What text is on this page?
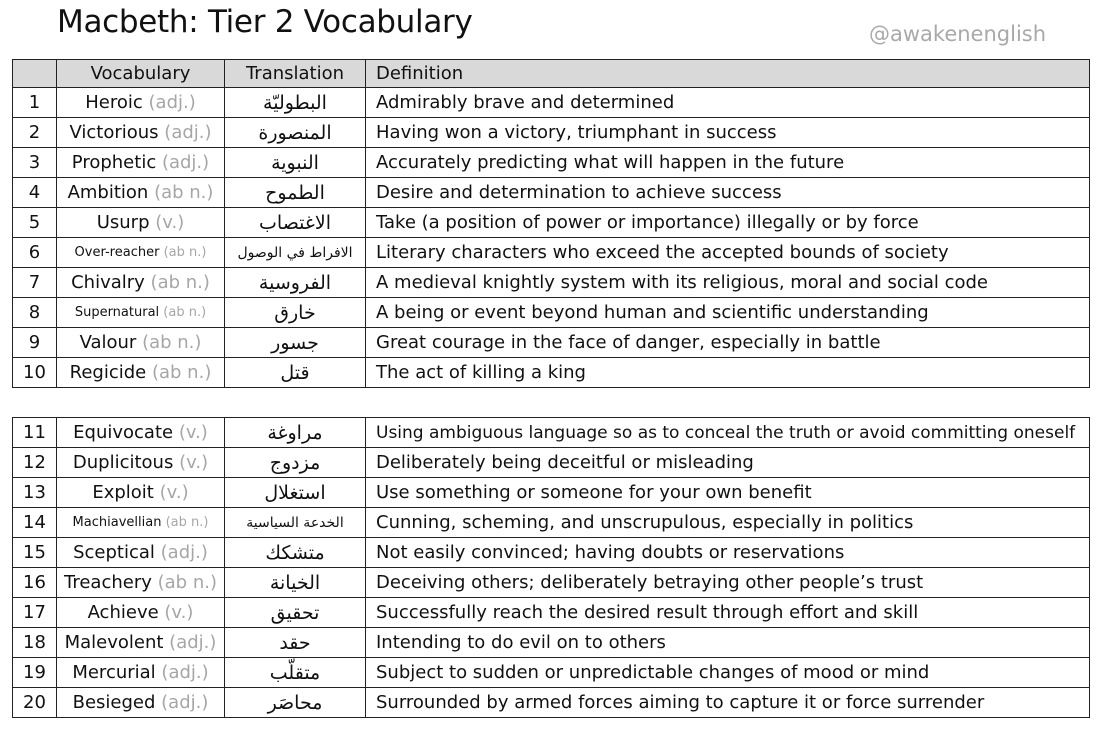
Macbeth: Tier 2 Vocabulary	@awakenenglish
	Vocabulary	Translation	Definition
1	Heroic (adj.)	البطوليّة	Admirably brave and determined
2	Victorious (adj.)	المنصورة	Having won a victory, triumphant in success
3	Prophetic (adj.)	النبوية	Accurately predicting what will happen in the future
4	Ambition (ab n.)	الطموح	Desire and determination to achieve success
5	Usurp (v.)	الاغتصاب	Take (a position of power or importance) illegally or by force
6	Over-reacher (ab n.)	الافراط في الوصول	Literary characters who exceed the accepted bounds of society
7	Chivalry (ab n.)	الفروسية	A medieval knightly system with its religious, moral and social code
8	Supernatural (ab n.)	خارق	A being or event beyond human and scientific understanding
9	Valour (ab n.)	جسور	Great courage in the face of danger, especially in battle
10	Regicide (ab n.)	قتل	The act of killing a king
11	Equivocate (v.)	مراوغة	Using ambiguous language so as to conceal the truth or avoid committing oneself
12	Duplicitous (v.)	مزدوج	Deliberately being deceitful or misleading
13	Exploit (v.)	استغلال	Use something or someone for your own benefit
14	Machiavellian (ab n.)	الخدعة السياسية	Cunning, scheming, and unscrupulous, especially in politics
15	Sceptical (adj.)	متشكك	Not easily convinced; having doubts or reservations
16	Treachery (ab n.)	الخيانة	Deceiving others; deliberately betraying other people’s trust
17	Achieve (v.)	تحقيق	Successfully reach the desired result through effort and skill
18	Malevolent (adj.)	حقد	Intending to do evil on to others
19	Mercurial (adj.)	متقلّب	Subject to sudden or unpredictable changes of mood or mind
20	Besieged (adj.)	محاصَر	Surrounded by armed forces aiming to capture it or force surrender
